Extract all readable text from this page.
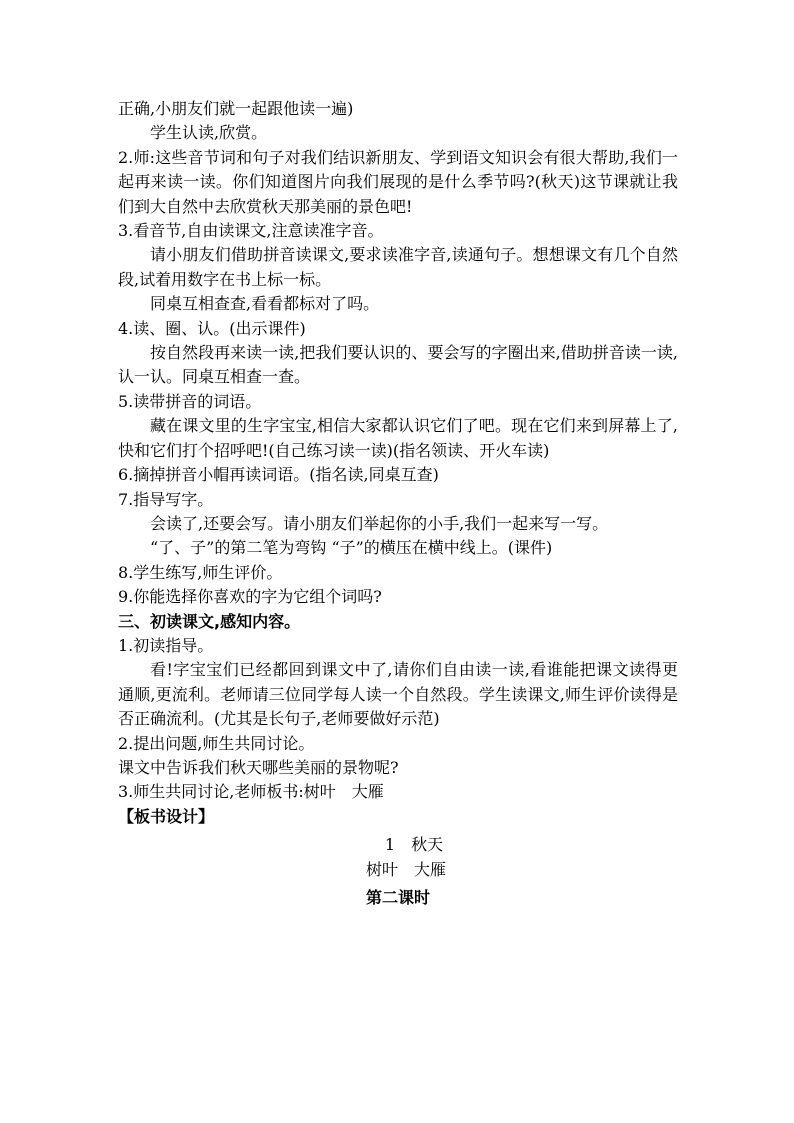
正确,小朋友们就一起跟他读一遍)

学生认读,欣赏。

2.师:这些音节词和句子对我们结识新朋友、学到语文知识会有很大帮助,我们一起再来读一读。你们知道图片向我们展现的是什么季节吗?(秋天)这节课就让我们到大自然中去欣赏秋天那美丽的景色吧!

3.看音节,自由读课文,注意读准字音。

请小朋友们借助拼音读课文,要求读准字音,读通句子。想想课文有几个自然段,试着用数字在书上标一标。

同桌互相查查,看看都标对了吗。

4.读、圈、认。(出示课件)

按自然段再来读一读,把我们要认识的、要会写的字圈出来,借助拼音读一读,认一认。同桌互相查一查。

5.读带拼音的词语。

藏在课文里的生字宝宝,相信大家都认识它们了吧。现在它们来到屏幕上了,快和它们打个招呼吧!(自己练习读一读)(指名领读、开火车读)

6.摘掉拼音小帽再读词语。(指名读,同桌互查)

7.指导写字。

会读了,还要会写。请小朋友们举起你的小手,我们一起来写一写。

“了、子”的第二笔为弯钩 “子”的横压在横中线上。(课件)

8.学生练写,师生评价。

9.你能选择你喜欢的字为它组个词吗?

三、初读课文,感知内容。

1.初读指导。

看!字宝宝们已经都回到课文中了,请你们自由读一读,看谁能把课文读得更通顺,更流利。老师请三位同学每人读一个自然段。学生读课文,师生评价读得是否正确流利。(尤其是长句子,老师要做好示范)

2.提出问题,师生共同讨论。

课文中告诉我们秋天哪些美丽的景物呢?

3.师生共同讨论,老师板书:树叶　大雁

【板书设计】

1　秋天

树叶　大雁

第二课时
